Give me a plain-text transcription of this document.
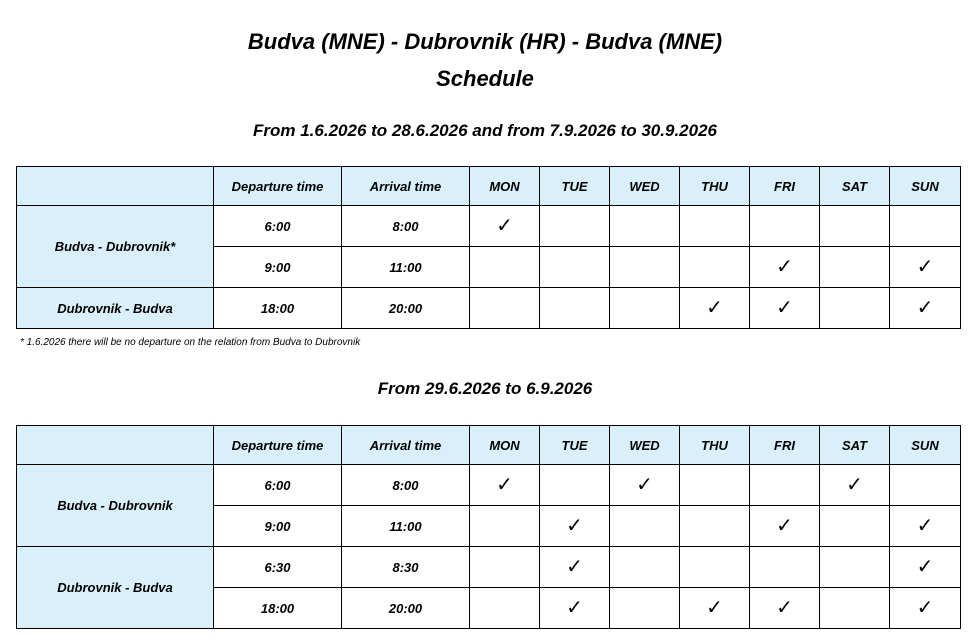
Budva (MNE) - Dubrovnik (HR) - Budva (MNE)
Schedule
From 1.6.2026 to 28.6.2026 and from 7.9.2026 to 30.9.2026
	Departure time	Arrival time	MON	TUE	WED	THU	FRI	SAT	SUN
Budva - Dubrovnik*	6:00	8:00	✓						
	9:00	11:00					✓		✓
Dubrovnik - Budva	18:00	20:00				✓	✓		✓
* 1.6.2026 there will be no departure on the relation from Budva to Dubrovnik
From 29.6.2026 to 6.9.2026
	Departure time	Arrival time	MON	TUE	WED	THU	FRI	SAT	SUN
Budva - Dubrovnik	6:00	8:00	✓		✓			✓	
	9:00	11:00		✓			✓		✓
Dubrovnik - Budva	6:30	8:30		✓					✓
	18:00	20:00		✓		✓	✓		✓
